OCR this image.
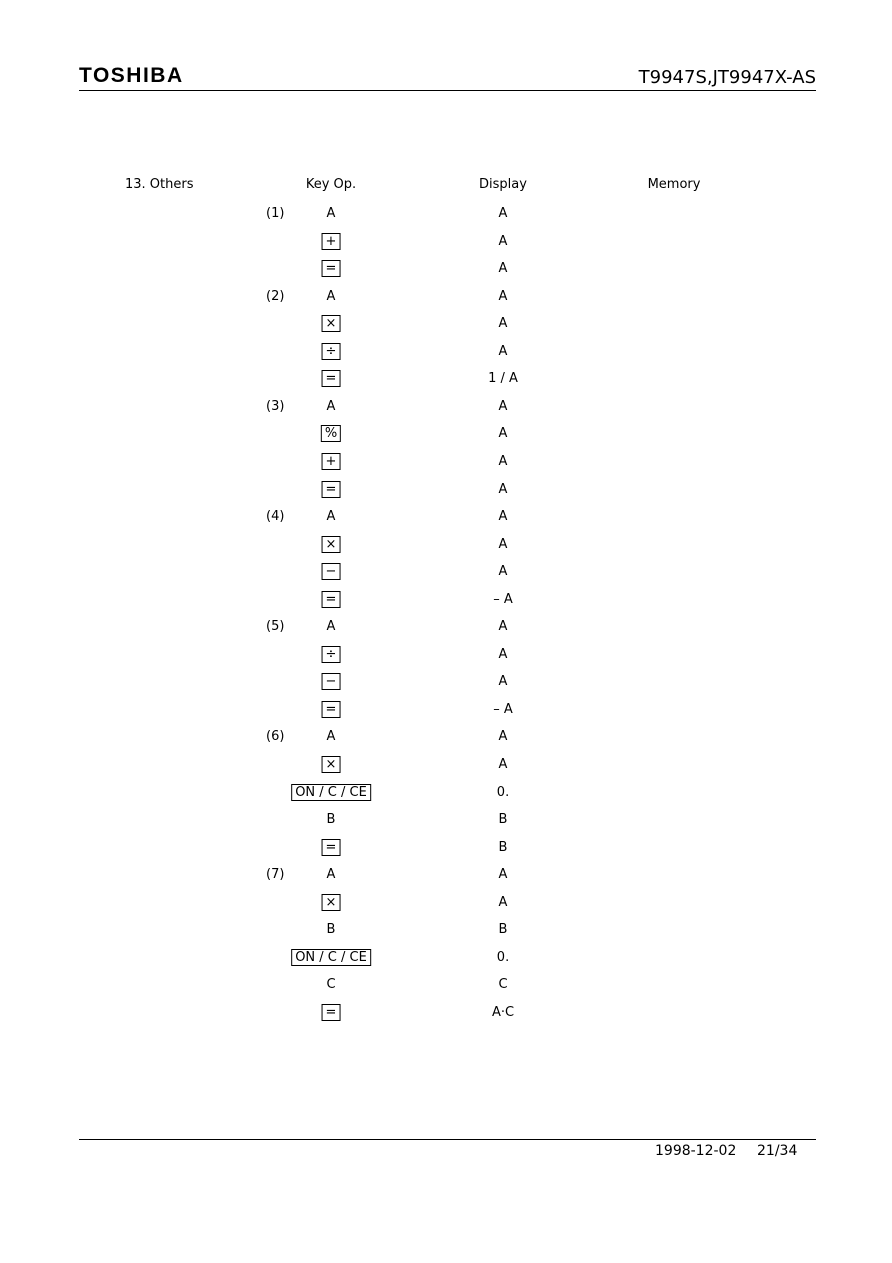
TOSHIBA	T9947S,JT9947X-AS
13. Others	Key Op.	Display	Memory
(1)	A	A
+	A
=	A
(2)	A	A
×	A
÷	A
=	1 / A
(3)	A	A
%	A
+	A
=	A
(4)	A	A
×	A
−	A
=	– A
(5)	A	A
÷	A
−	A
=	– A
(6)	A	A
×	A
ON / C / CE	0.
B	B
=	B
(7)	A	A
×	A
B	B
ON / C / CE	0.
C	C
=	A·C
1998-12-02 21/34
